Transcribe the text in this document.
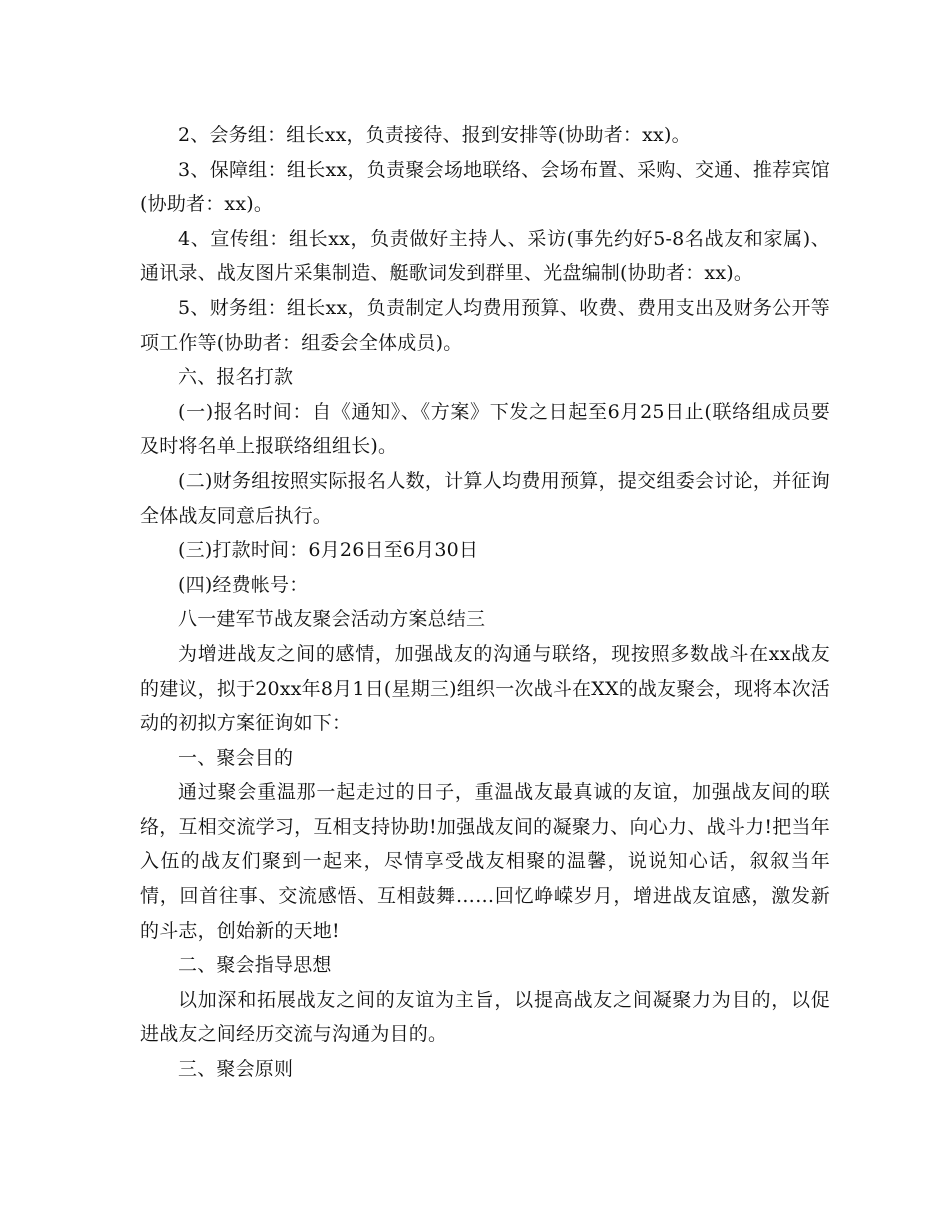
2、会务组：组长xx，负责接待、报到安排等(协助者：xx)。

3、保障组：组长xx，负责聚会场地联络、会场布置、采购、交通、推荐宾馆(协助者：xx)。

4、宣传组：组长xx，负责做好主持人、采访(事先约好5-8名战友和家属)、通讯录、战友图片采集制造、艇歌词发到群里、光盘编制(协助者：xx)。

5、财务组：组长xx，负责制定人均费用预算、收费、费用支出及财务公开等项工作等(协助者：组委会全体成员)。

六、报名打款

(一)报名时间：自《通知》、《方案》下发之日起至6月25日止(联络组成员要及时将名单上报联络组组长)。

(二)财务组按照实际报名人数，计算人均费用预算，提交组委会讨论，并征询全体战友同意后执行。

(三)打款时间：6月26日至6月30日

(四)经费帐号：

八一建军节战友聚会活动方案总结三

为增进战友之间的感情，加强战友的沟通与联络，现按照多数战斗在xx战友的建议，拟于20xx年8月1日(星期三)组织一次战斗在XX的战友聚会，现将本次活动的初拟方案征询如下：

一、聚会目的

通过聚会重温那一起走过的日子，重温战友最真诚的友谊，加强战友间的联络，互相交流学习，互相支持协助!加强战友间的凝聚力、向心力、战斗力!把当年入伍的战友们聚到一起来，尽情享受战友相聚的温馨，说说知心话，叙叙当年情，回首往事、交流感悟、互相鼓舞……回忆峥嵘岁月，增进战友谊感，激发新的斗志，创始新的天地!

二、聚会指导思想

以加深和拓展战友之间的友谊为主旨，以提高战友之间凝聚力为目的，以促进战友之间经历交流与沟通为目的。

三、聚会原则
